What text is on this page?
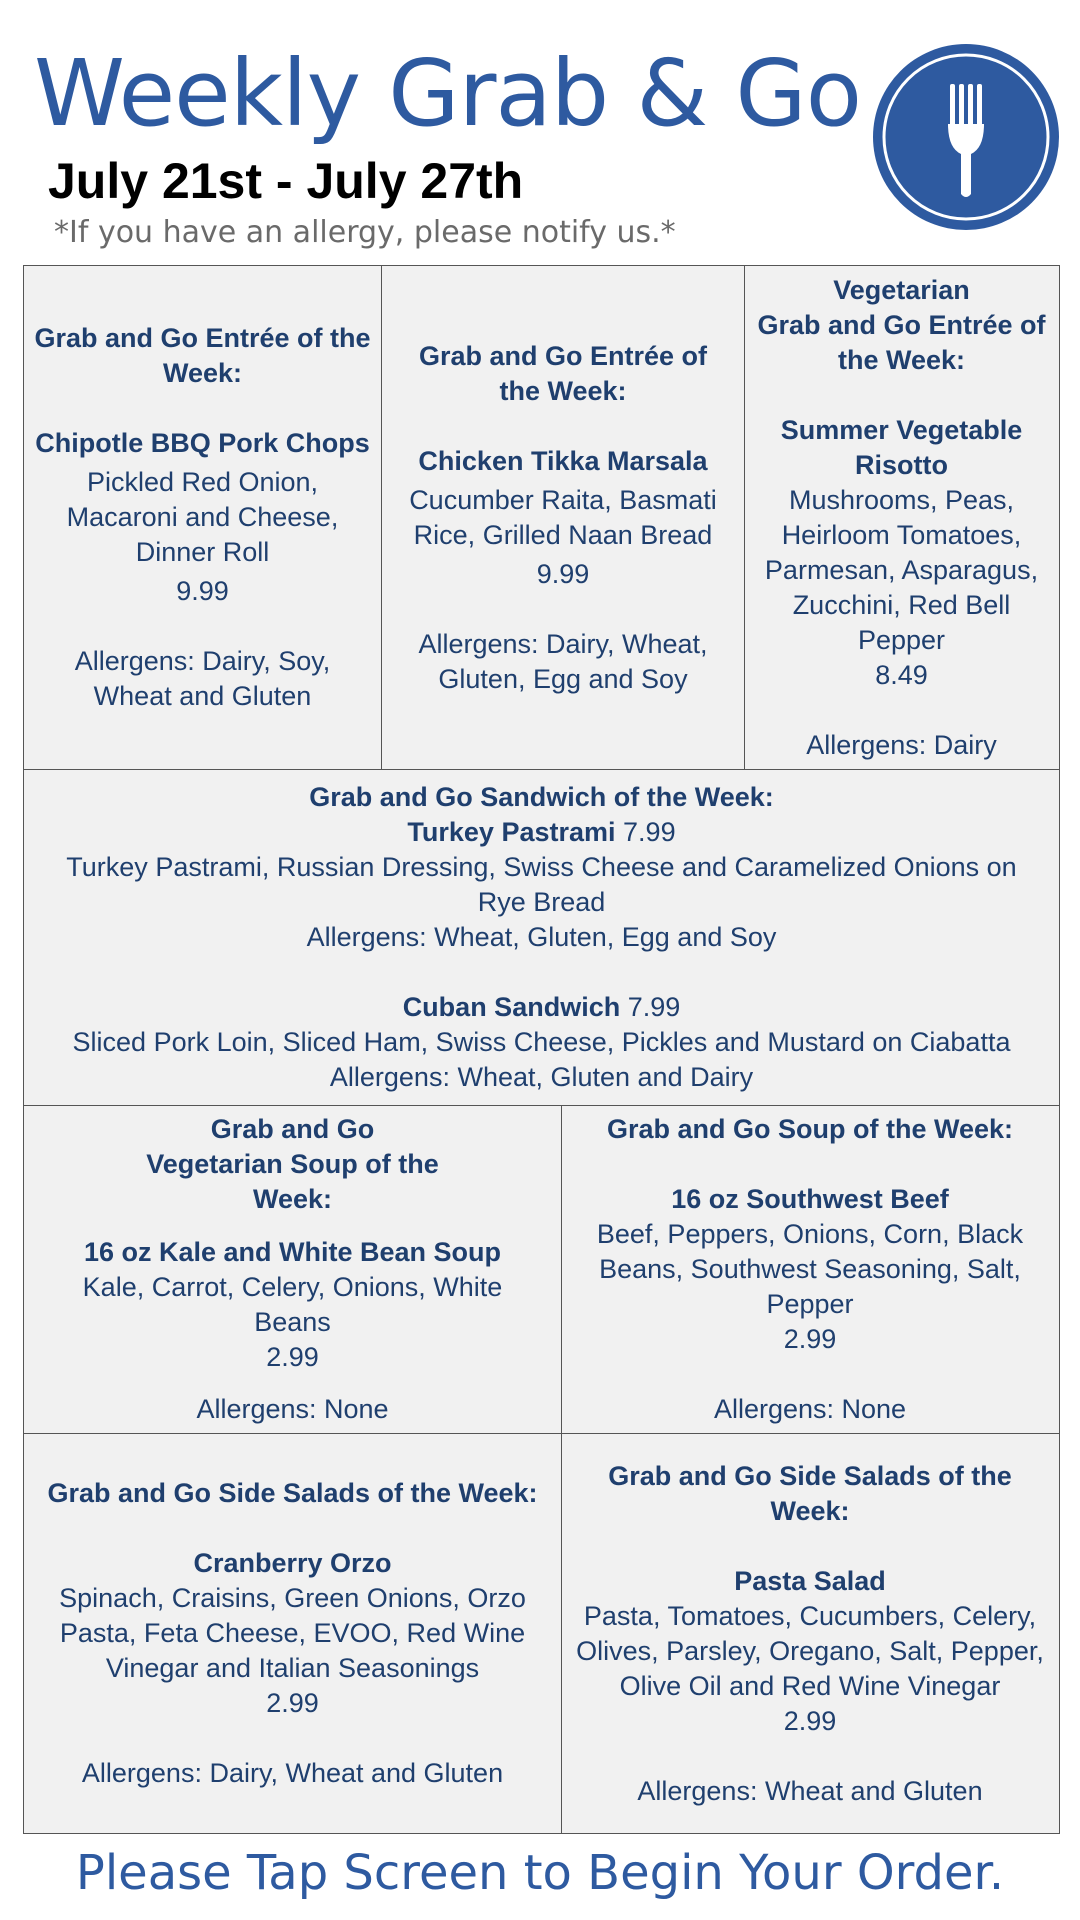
Weekly Grab & Go
July 21st - July 27th
*If you have an allergy, please notify us.*
Grab and Go Entrée of the Week:
Chipotle BBQ Pork Chops
Pickled Red Onion, Macaroni and Cheese, Dinner Roll
9.99
Allergens: Dairy, Soy, Wheat and Gluten
Grab and Go Entrée of the Week:
Chicken Tikka Marsala
Cucumber Raita, Basmati Rice, Grilled Naan Bread
9.99
Allergens: Dairy, Wheat, Gluten, Egg and Soy
Vegetarian
Grab and Go Entrée of the Week:
Summer Vegetable Risotto
Mushrooms, Peas, Heirloom Tomatoes, Parmesan, Asparagus, Zucchini, Red Bell Pepper
8.49
Allergens: Dairy
Grab and Go Sandwich of the Week:
Turkey Pastrami 7.99
Turkey Pastrami, Russian Dressing, Swiss Cheese and Caramelized Onions on Rye Bread
Allergens: Wheat, Gluten, Egg and Soy
Cuban Sandwich 7.99
Sliced Pork Loin, Sliced Ham, Swiss Cheese, Pickles and Mustard on Ciabatta
Allergens: Wheat, Gluten and Dairy
Grab and Go Vegetarian Soup of the Week:
16 oz Kale and White Bean Soup
Kale, Carrot, Celery, Onions, White Beans
2.99
Allergens: None
Grab and Go Soup of the Week:
16 oz Southwest Beef
Beef, Peppers, Onions, Corn, Black Beans, Southwest Seasoning, Salt, Pepper
2.99
Allergens: None
Grab and Go Side Salads of the Week:
Cranberry Orzo
Spinach, Craisins, Green Onions, Orzo Pasta, Feta Cheese, EVOO, Red Wine Vinegar and Italian Seasonings
2.99
Allergens: Dairy, Wheat and Gluten
Grab and Go Side Salads of the Week:
Pasta Salad
Pasta, Tomatoes, Cucumbers, Celery, Olives, Parsley, Oregano, Salt, Pepper, Olive Oil and Red Wine Vinegar
2.99
Allergens: Wheat and Gluten
Please Tap Screen to Begin Your Order.
